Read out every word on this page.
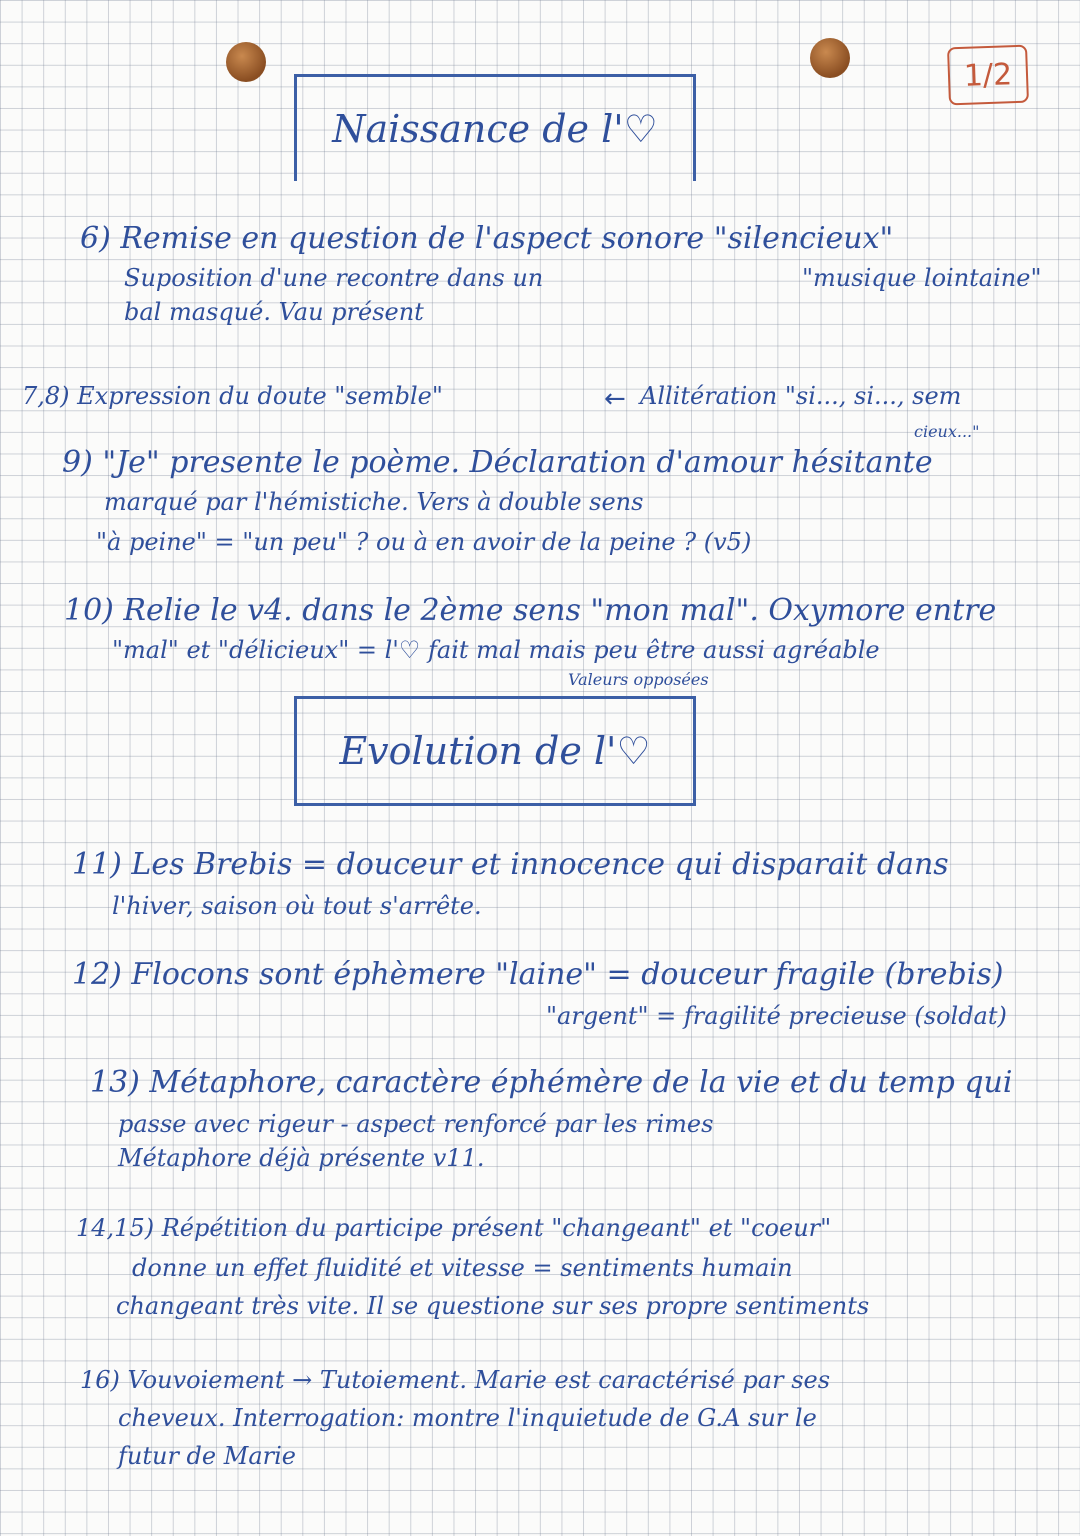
1/2
Naissance de l'♡
6) Remise en question de l'aspect sonore "silencieux"
Suposition d'une recontre dans un	"musique lointaine"
bal masqué. Vau présent
7,8) Expression du doute "semble"	← Allitération "si..., si..., sem
cieux..."
9) "Je" presente le poème. Déclaration d'amour hésitante
marqué par l'hémistiche. Vers à double sens
"à peine" = "un peu" ? ou à en avoir de la peine ? (v5)
10) Relie le v4. dans le 2ème sens "mon mal". Oxymore entre
"mal" et "délicieux" = l'♡ fait mal mais peu être aussi agréable
Valeurs opposées
Evolution de l'♡
11) Les Brebis = douceur et innocence qui disparait dans
l'hiver, saison où tout s'arrête.
12) Flocons sont éphèmere "laine" = douceur fragile (brebis)
"argent" = fragilité precieuse (soldat)
13) Métaphore, caractère éphémère de la vie et du temp qui
passe avec rigeur - aspect renforcé par les rimes
Métaphore déjà présente v11.
14,15) Répétition du participe présent "changeant" et "coeur"
donne un effet fluidité et vitesse = sentiments humain
changeant très vite. Il se questione sur ses propre sentiments
16) Vouvoiement → Tutoiement. Marie est caractérisé par ses
cheveux. Interrogation: montre l'inquietude de G.A sur le
futur de Marie
